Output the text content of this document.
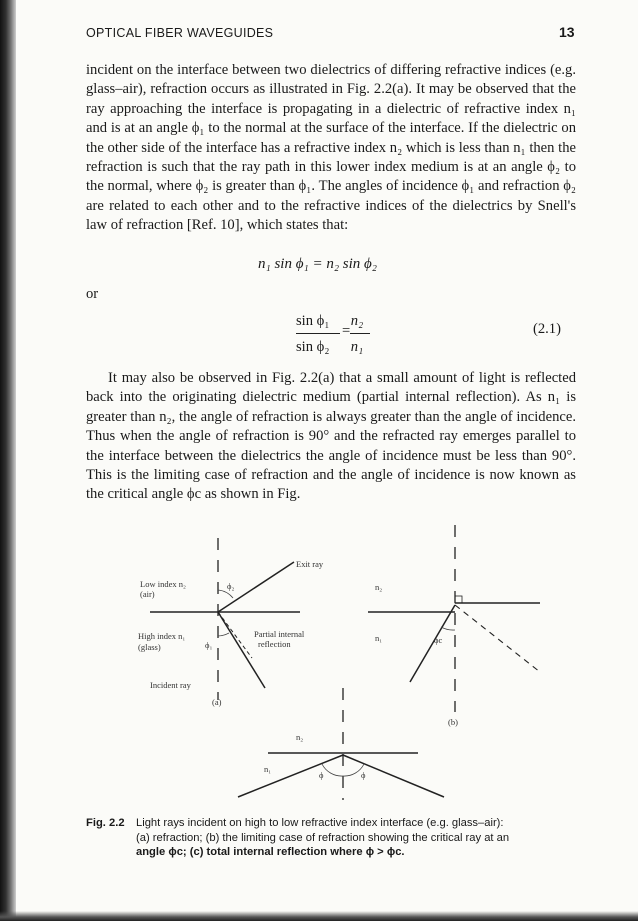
OPTICAL FIBER WAVEGUIDES	13
incident on the interface between two dielectrics of differing refractive indices (e.g. glass–air), refraction occurs as illustrated in Fig. 2.2(a). It may be observed that the ray approaching the interface is propagating in a dielectric of refractive index n₁ and is at an angle ϕ₁ to the normal at the surface of the interface. If the dielectric on the other side of the interface has a refractive index n₂ which is less than n₁ then the refraction is such that the ray path in this lower index medium is at an angle ϕ₂ to the normal, where ϕ₂ is greater than ϕ₁. The angles of incidence ϕ₁ and refraction ϕ₂ are related to each other and to the refractive indices of the dielectrics by Snell's law of refraction [Ref. 10], which states that:
n₁ sin ϕ₁ = n₂ sin ϕ₂
or
sin ϕ₁ n₂
=
sin ϕ₂ n₁
(2.1)
It may also be observed in Fig. 2.2(a) that a small amount of light is reflected back into the originating dielectric medium (partial internal reflection). As n₁ is greater than n₂, the angle of refraction is always greater than the angle of incidence. Thus when the angle of refraction is 90° and the refracted ray emerges parallel to the interface between the dielectrics the angle of incidence must be less than 90°. This is the limiting case of refraction and the angle of incidence is now known as the critical angle ϕc as shown in Fig.
Exit ray
Low index n₂
(air)
High index n₁
(glass)
Partial internal
reflection
Incident ray
ϕ₁
ϕ₂
(a)
n₂
n₁	ϕc
(b)
n₂
n₁
ϕ	ϕ
Fig. 2.2 Light rays incident on high to low refractive index interface (e.g. glass–air):
(a) refraction; (b) the limiting case of refraction showing the critical ray at an
angle ϕc; (c) total internal reflection where ϕ > ϕc.
